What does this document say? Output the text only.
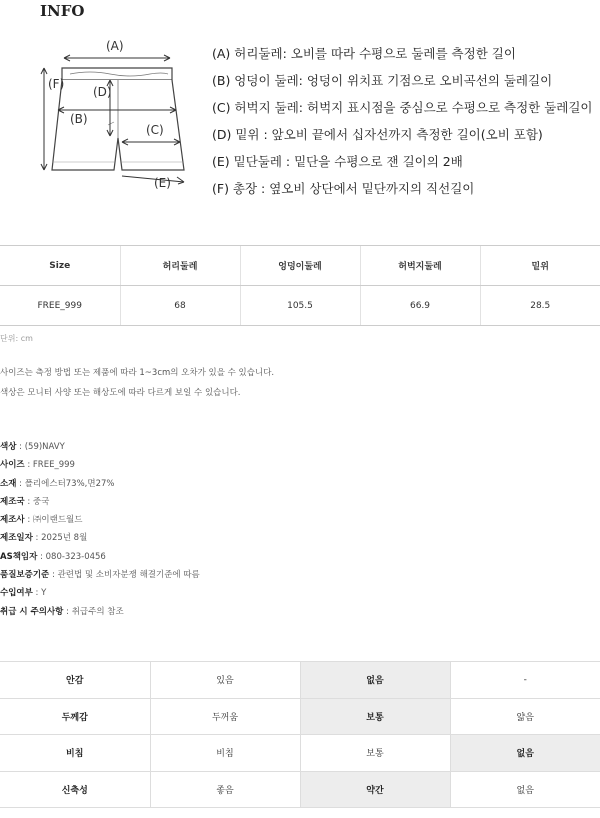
INFO
(A)
(B)
(C)
(D)
(E)
(F)
(A) 허리둘레: 오비를 따라 수평으로 둘레를 측정한 길이
(B) 엉덩이 둘레: 엉덩이 위치표 기점으로 오비곡선의 둘레길이
(C) 허벅지 둘레: 허벅지 표시점을 중심으로 수평으로 측정한 둘레길이
(D) 밑위 : 앞오비 끝에서 십자선까지 측정한 길이(오비 포함)
(E) 밑단둘레 : 밑단을 수평으로 잰 길이의 2배
(F) 총장 : 옆오비 상단에서 밑단까지의 직선길이
Size	허리둘레	엉덩이둘레	허벅지둘레	밑위
FREE_999	68	105.5	66.9	28.5
단위: cm
사이즈는 측정 방법 또는 제품에 따라 1~3cm의 오차가 있을 수 있습니다.
색상은 모니터 사양 또는 해상도에 따라 다르게 보일 수 있습니다.
색상 : (59)NAVY
사이즈 : FREE_999
소재 : 폴리에스터73%,면27%
제조국 : 중국
제조사 : ㈜이랜드월드
제조일자 : 2025년 8월
AS책임자 : 080-323-0456
품질보증기준 : 관련법 및 소비자분쟁 해결기준에 따름
수입여부 : Y
취급 시 주의사항 : 취급주의 참조
안감	있음	없음	-
두께감	두꺼움	보통	얇음
비침	비침	보통	없음
신축성	좋음	약간	없음
